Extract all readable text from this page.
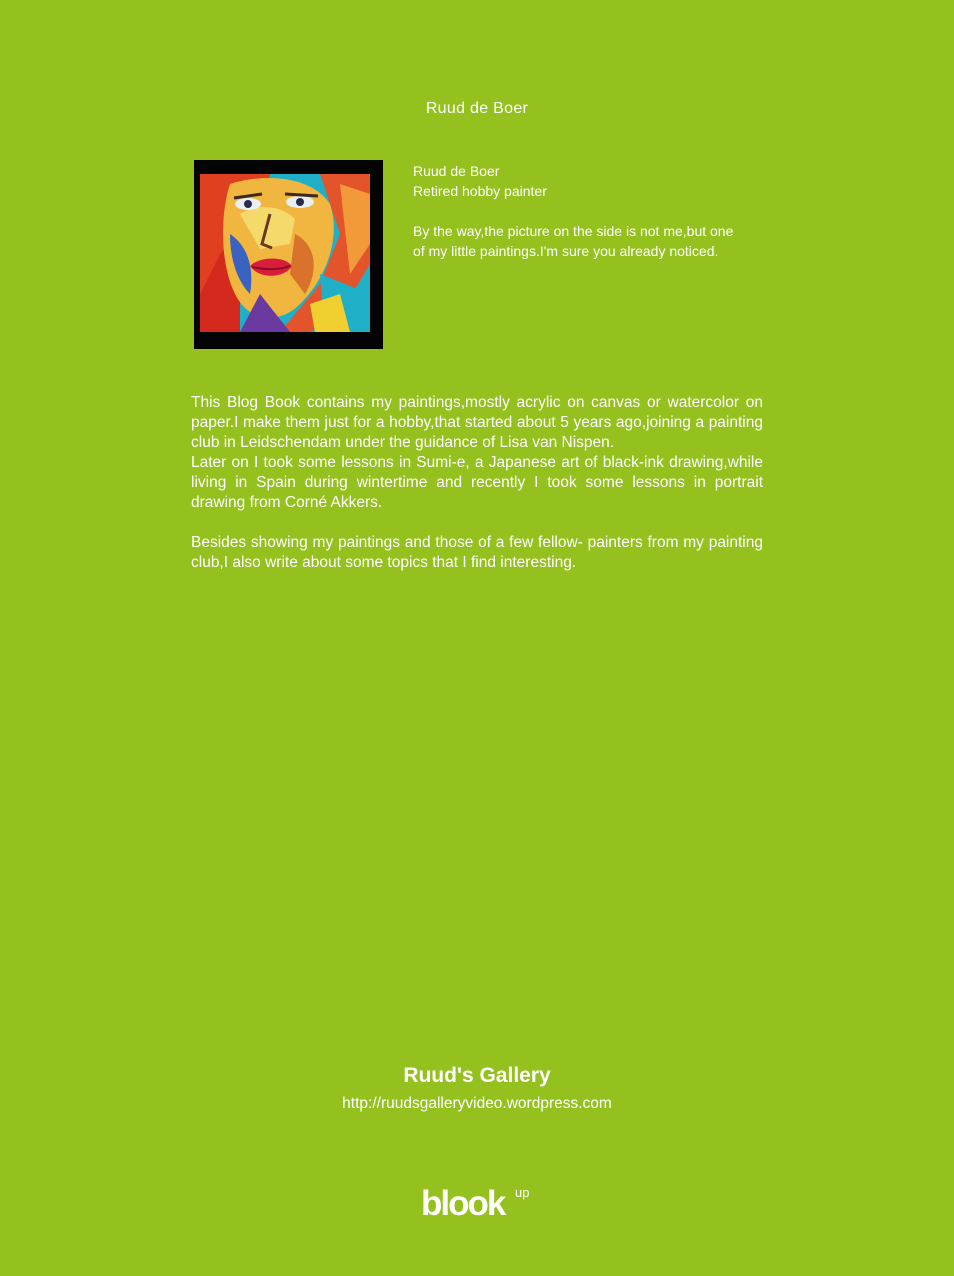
Ruud de Boer

Ruud de Boer

Retired hobby painter

By the way,the picture on the side is not me,but one

of my little paintings.I'm sure you already noticed.

This Blog Book contains my paintings,mostly acrylic on canvas or watercolor on paper.I make them just for a hobby,that started about 5 years ago,joining a painting club in Leidschendam under the guidance of Lisa van Nispen.

Later on I took some lessons in Sumi-e, a Japanese art of black-ink drawing,while living in Spain during wintertime and recently I took some lessons in portrait drawing from Corné Akkers.

Besides showing my paintings and those of a few fellow- painters from my painting club,I also write about some topics that I find interesting.

Ruud's Gallery
http://ruudsgalleryvideo.wordpress.com
blook up
